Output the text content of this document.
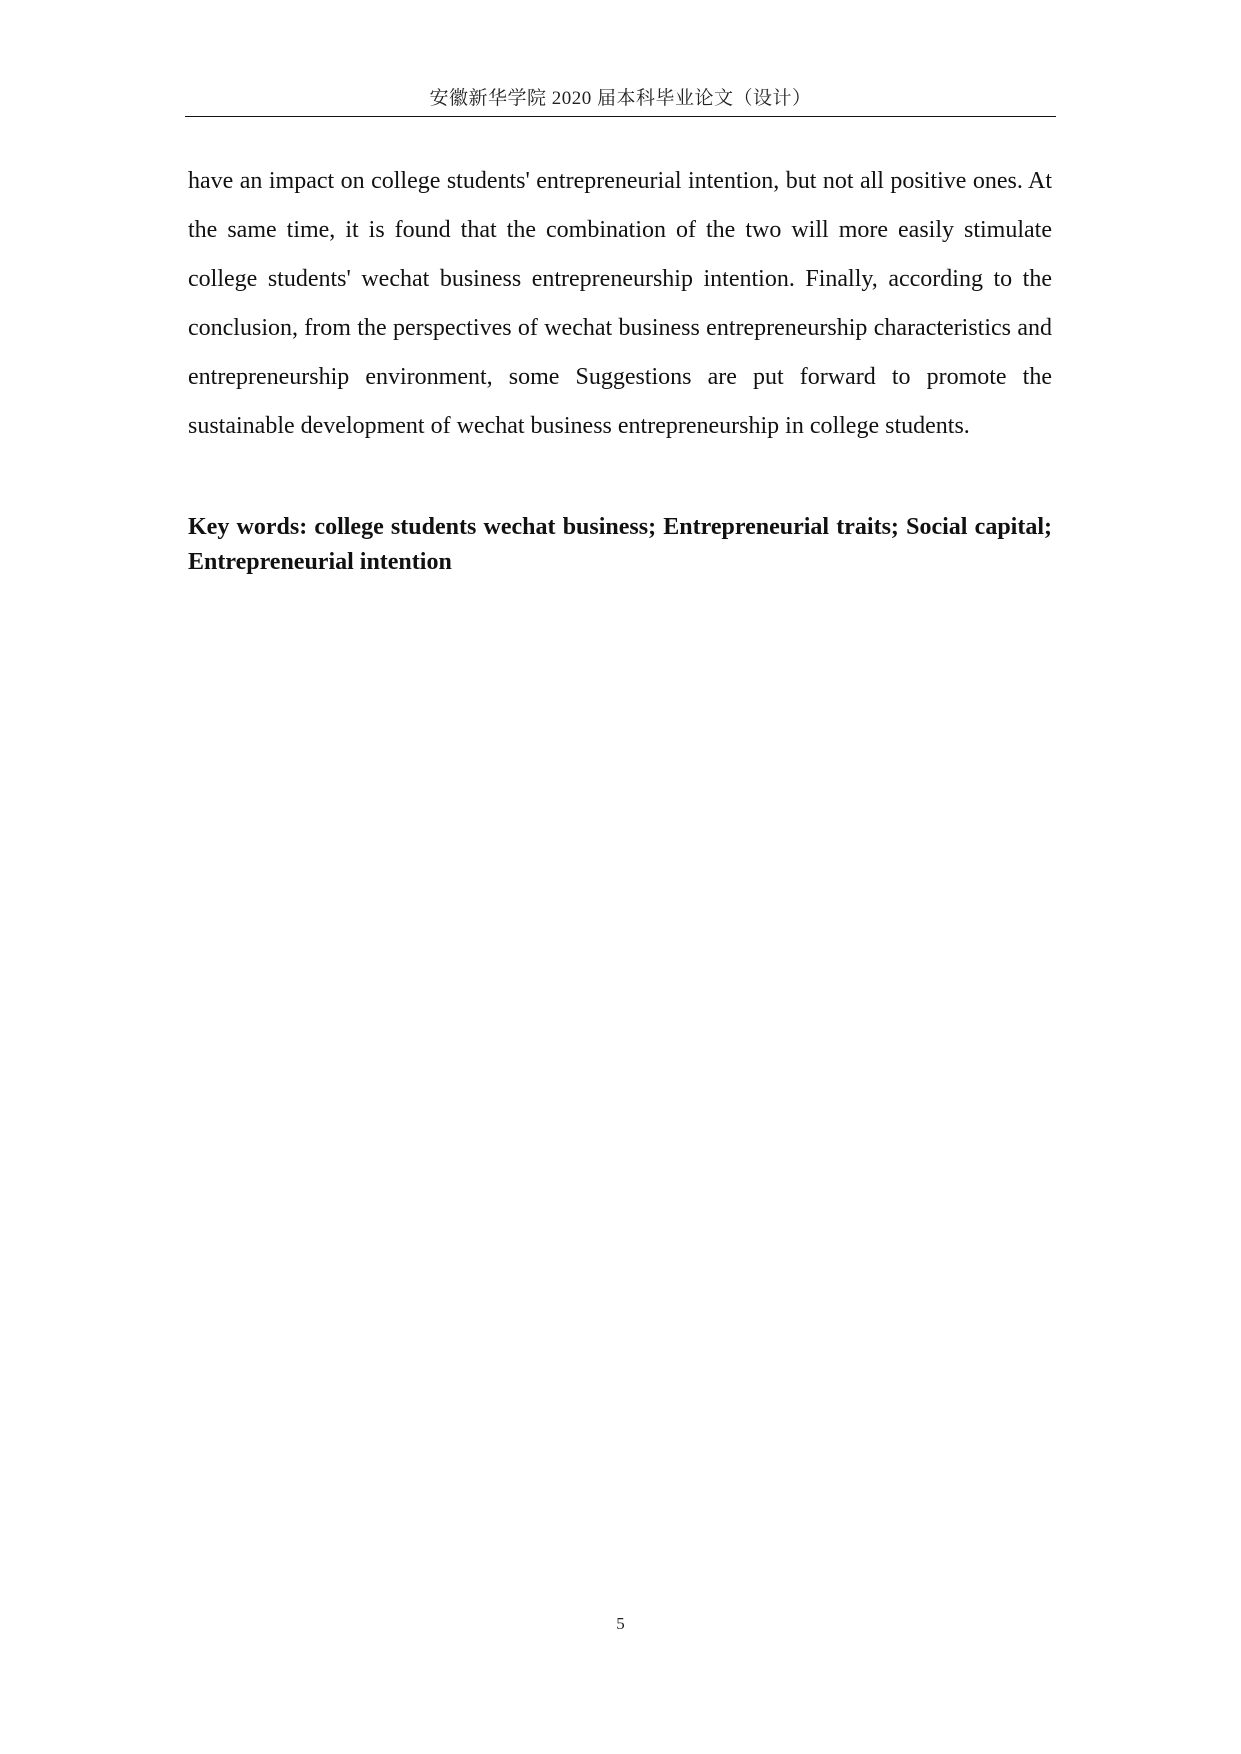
安徽新华学院 2020 届本科毕业论文（设计）

have an impact on college students' entrepreneurial intention, but not all positive ones. At the same time, it is found that the combination of the two will more easily stimulate college students' wechat business entrepreneurship intention. Finally, according to the conclusion, from the perspectives of wechat business entrepreneurship characteristics and entrepreneurship environment, some Suggestions are put forward to promote the sustainable development of wechat business entrepreneurship in college students.

Key words: college students wechat business; Entrepreneurial traits; Social capital; Entrepreneurial intention

5
